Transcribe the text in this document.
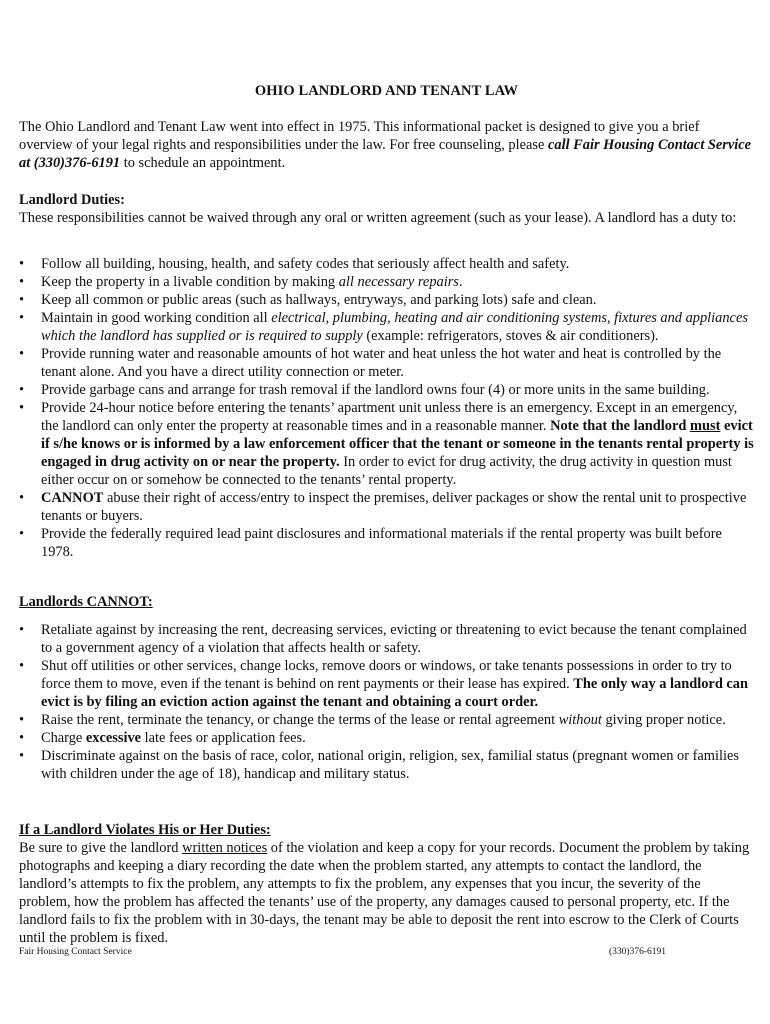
OHIO LANDLORD AND TENANT LAW

The Ohio Landlord and Tenant Law went into effect in 1975. This informational packet is designed to give you a brief overview of your legal rights and responsibilities under the law. For free counseling, please call Fair Housing Contact Service at (330)376-6191 to schedule an appointment.

Landlord Duties:
These responsibilities cannot be waived through any oral or written agreement (such as your lease). A landlord has a duty to:
•	Follow all building, housing, health, and safety codes that seriously affect health and safety.
•	Keep the property in a livable condition by making all necessary repairs.
•	Keep all common or public areas (such as hallways, entryways, and parking lots) safe and clean.
•	Maintain in good working condition all electrical, plumbing, heating and air conditioning systems, fixtures and appliances which the landlord has supplied or is required to supply (example: refrigerators, stoves & air conditioners).
•	Provide running water and reasonable amounts of hot water and heat unless the hot water and heat is controlled by the tenant alone. And you have a direct utility connection or meter.
•	Provide garbage cans and arrange for trash removal if the landlord owns four (4) or more units in the same building.
•	Provide 24-hour notice before entering the tenants’ apartment unit unless there is an emergency. Except in an emergency, the landlord can only enter the property at reasonable times and in a reasonable manner. Note that the landlord must evict if s/he knows or is informed by a law enforcement officer that the tenant or someone in the tenants rental property is engaged in drug activity on or near the property. In order to evict for drug activity, the drug activity in question must either occur on or somehow be connected to the tenants’ rental property.
•	CANNOT abuse their right of access/entry to inspect the premises, deliver packages or show the rental unit to prospective tenants or buyers.
•	Provide the federally required lead paint disclosures and informational materials if the rental property was built before 1978.
Landlords CANNOT:
•	Retaliate against by increasing the rent, decreasing services, evicting or threatening to evict because the tenant complained to a government agency of a violation that affects health or safety.
•	Shut off utilities or other services, change locks, remove doors or windows, or take tenants possessions in order to try to force them to move, even if the tenant is behind on rent payments or their lease has expired. The only way a landlord can evict is by filing an eviction action against the tenant and obtaining a court order.
•	Raise the rent, terminate the tenancy, or change the terms of the lease or rental agreement without giving proper notice.
•	Charge excessive late fees or application fees.
•	Discriminate against on the basis of race, color, national origin, religion, sex, familial status (pregnant women or families with children under the age of 18), handicap and military status.
If a Landlord Violates His or Her Duties:
Be sure to give the landlord written notices of the violation and keep a copy for your records. Document the problem by taking photographs and keeping a diary recording the date when the problem started, any attempts to contact the landlord, the landlord’s attempts to fix the problem, any attempts to fix the problem, any expenses that you incur, the severity of the problem, how the problem has affected the tenants’ use of the property, any damages caused to personal property, etc. If the landlord fails to fix the problem with in 30-days, the tenant may be able to deposit the rent into escrow to the Clerk of Courts until the problem is fixed.
Fair Housing Contact Service	(330)376-6191
